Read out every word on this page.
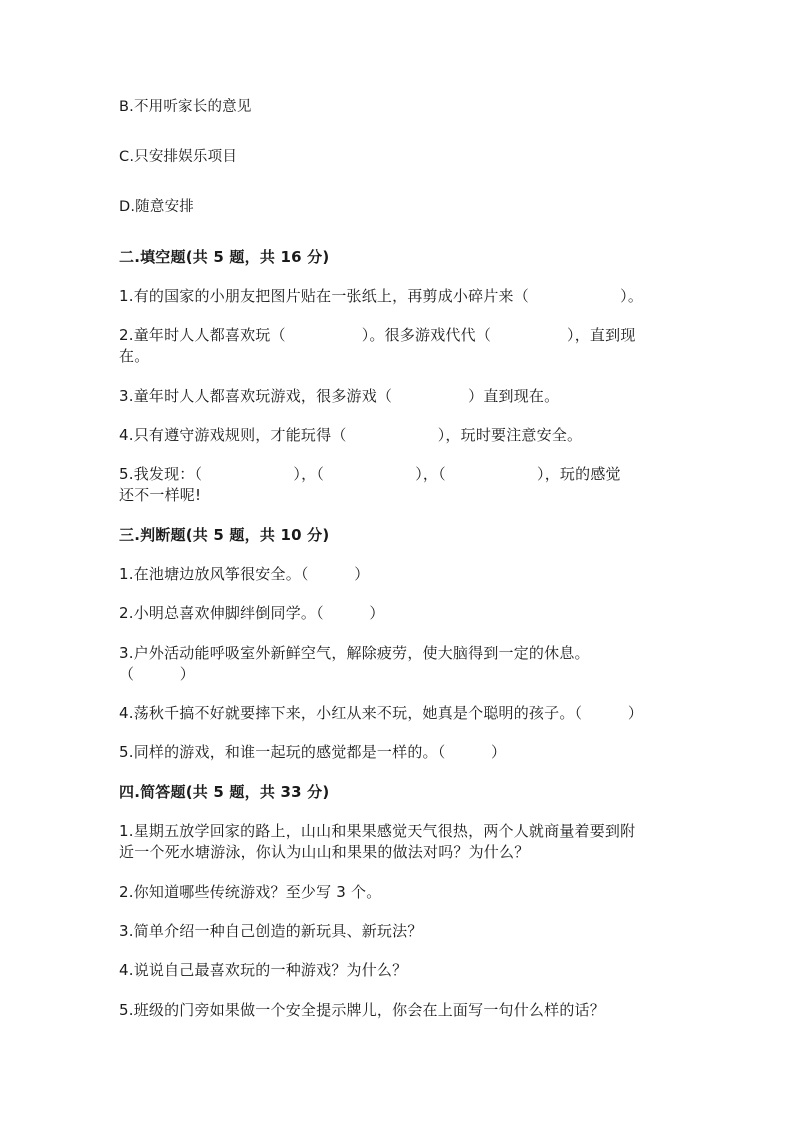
B.不用听家长的意见
C.只安排娱乐项目
D.随意安排
二.填空题(共 5 题，共 16 分)
1.有的国家的小朋友把图片贴在一张纸上，再剪成小碎片来（　　　　　　）。
2.童年时人人都喜欢玩（　　　　　）。很多游戏代代（　　　　　），直到现
在。
3.童年时人人都喜欢玩游戏，很多游戏（　　　　　）直到现在。
4.只有遵守游戏规则，才能玩得（　　　　　　），玩时要注意安全。
5.我发现：（　　　　　　），（　　　　　　），（　　　　　　），玩的感觉
还不一样呢!
三.判断题(共 5 题，共 10 分)
1.在池塘边放风筝很安全。（　　　）
2.小明总喜欢伸脚绊倒同学。（　　　）
3.户外活动能呼吸室外新鲜空气，解除疲劳，使大脑得到一定的休息。
（　　　）
4.荡秋千搞不好就要摔下来，小红从来不玩，她真是个聪明的孩子。（　　　）
5.同样的游戏，和谁一起玩的感觉都是一样的。（　　　）
四.简答题(共 5 题，共 33 分)
1.星期五放学回家的路上，山山和果果感觉天气很热，两个人就商量着要到附
近一个死水塘游泳，你认为山山和果果的做法对吗？为什么？
2.你知道哪些传统游戏？至少写 3 个。
3.简单介绍一种自己创造的新玩具、新玩法？
4.说说自己最喜欢玩的一种游戏？为什么？
5.班级的门旁如果做一个安全提示牌儿，你会在上面写一句什么样的话？
